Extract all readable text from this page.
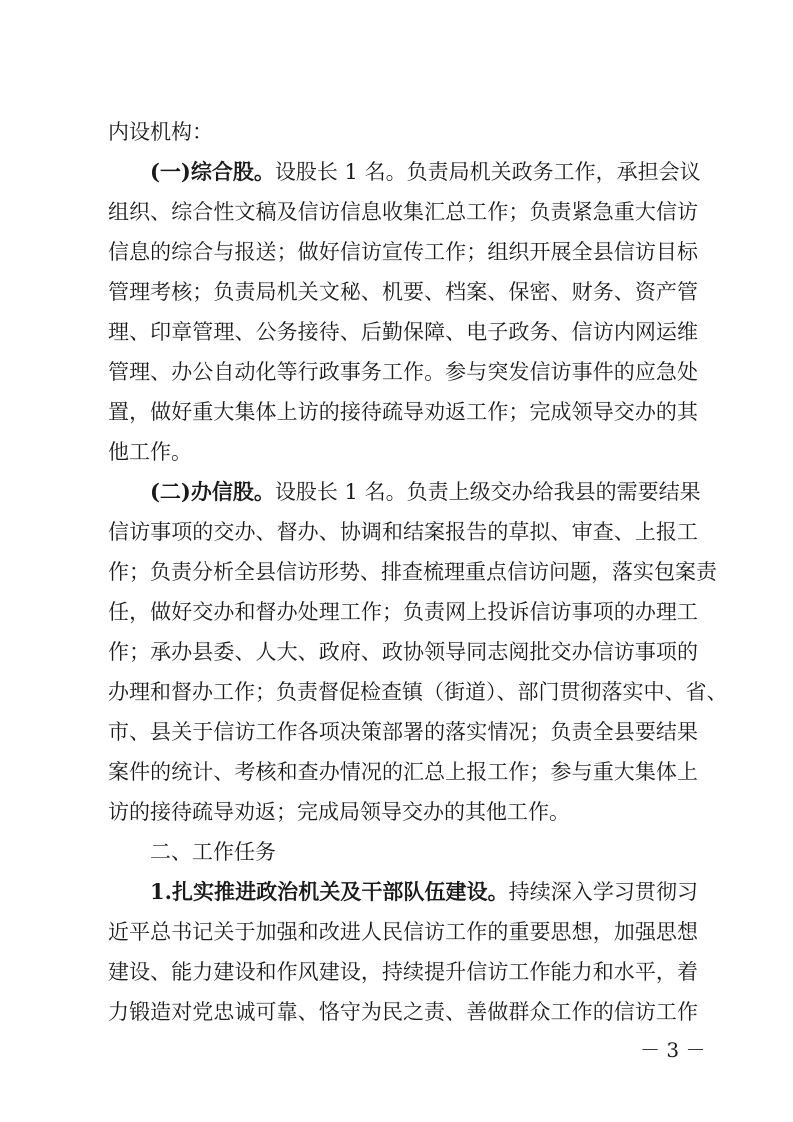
内设机构：
(一)综合股。设股长 1 名。负责局机关政务工作，承担会议
组织、综合性文稿及信访信息收集汇总工作；负责紧急重大信访
信息的综合与报送；做好信访宣传工作；组织开展全县信访目标
管理考核；负责局机关文秘、机要、档案、保密、财务、资产管
理、印章管理、公务接待、后勤保障、电子政务、信访内网运维
管理、办公自动化等行政事务工作。参与突发信访事件的应急处
置，做好重大集体上访的接待疏导劝返工作；完成领导交办的其
他工作。
(二)办信股。设股长 1 名。负责上级交办给我县的需要结果
信访事项的交办、督办、协调和结案报告的草拟、审查、上报工
作；负责分析全县信访形势、排查梳理重点信访问题，落实包案责
任，做好交办和督办处理工作；负责网上投诉信访事项的办理工
作；承办县委、人大、政府、政协领导同志阅批交办信访事项的
办理和督办工作；负责督促检查镇（街道）、部门贯彻落实中、省、
市、县关于信访工作各项决策部署的落实情况；负责全县要结果
案件的统计、考核和查办情况的汇总上报工作；参与重大集体上
访的接待疏导劝返；完成局领导交办的其他工作。
二、工作任务
1.扎实推进政治机关及干部队伍建设。持续深入学习贯彻习
近平总书记关于加强和改进人民信访工作的重要思想，加强思想
建设、能力建设和作风建设，持续提升信访工作能力和水平，着
力锻造对党忠诚可靠、恪守为民之责、善做群众工作的信访工作
－ 3 －
